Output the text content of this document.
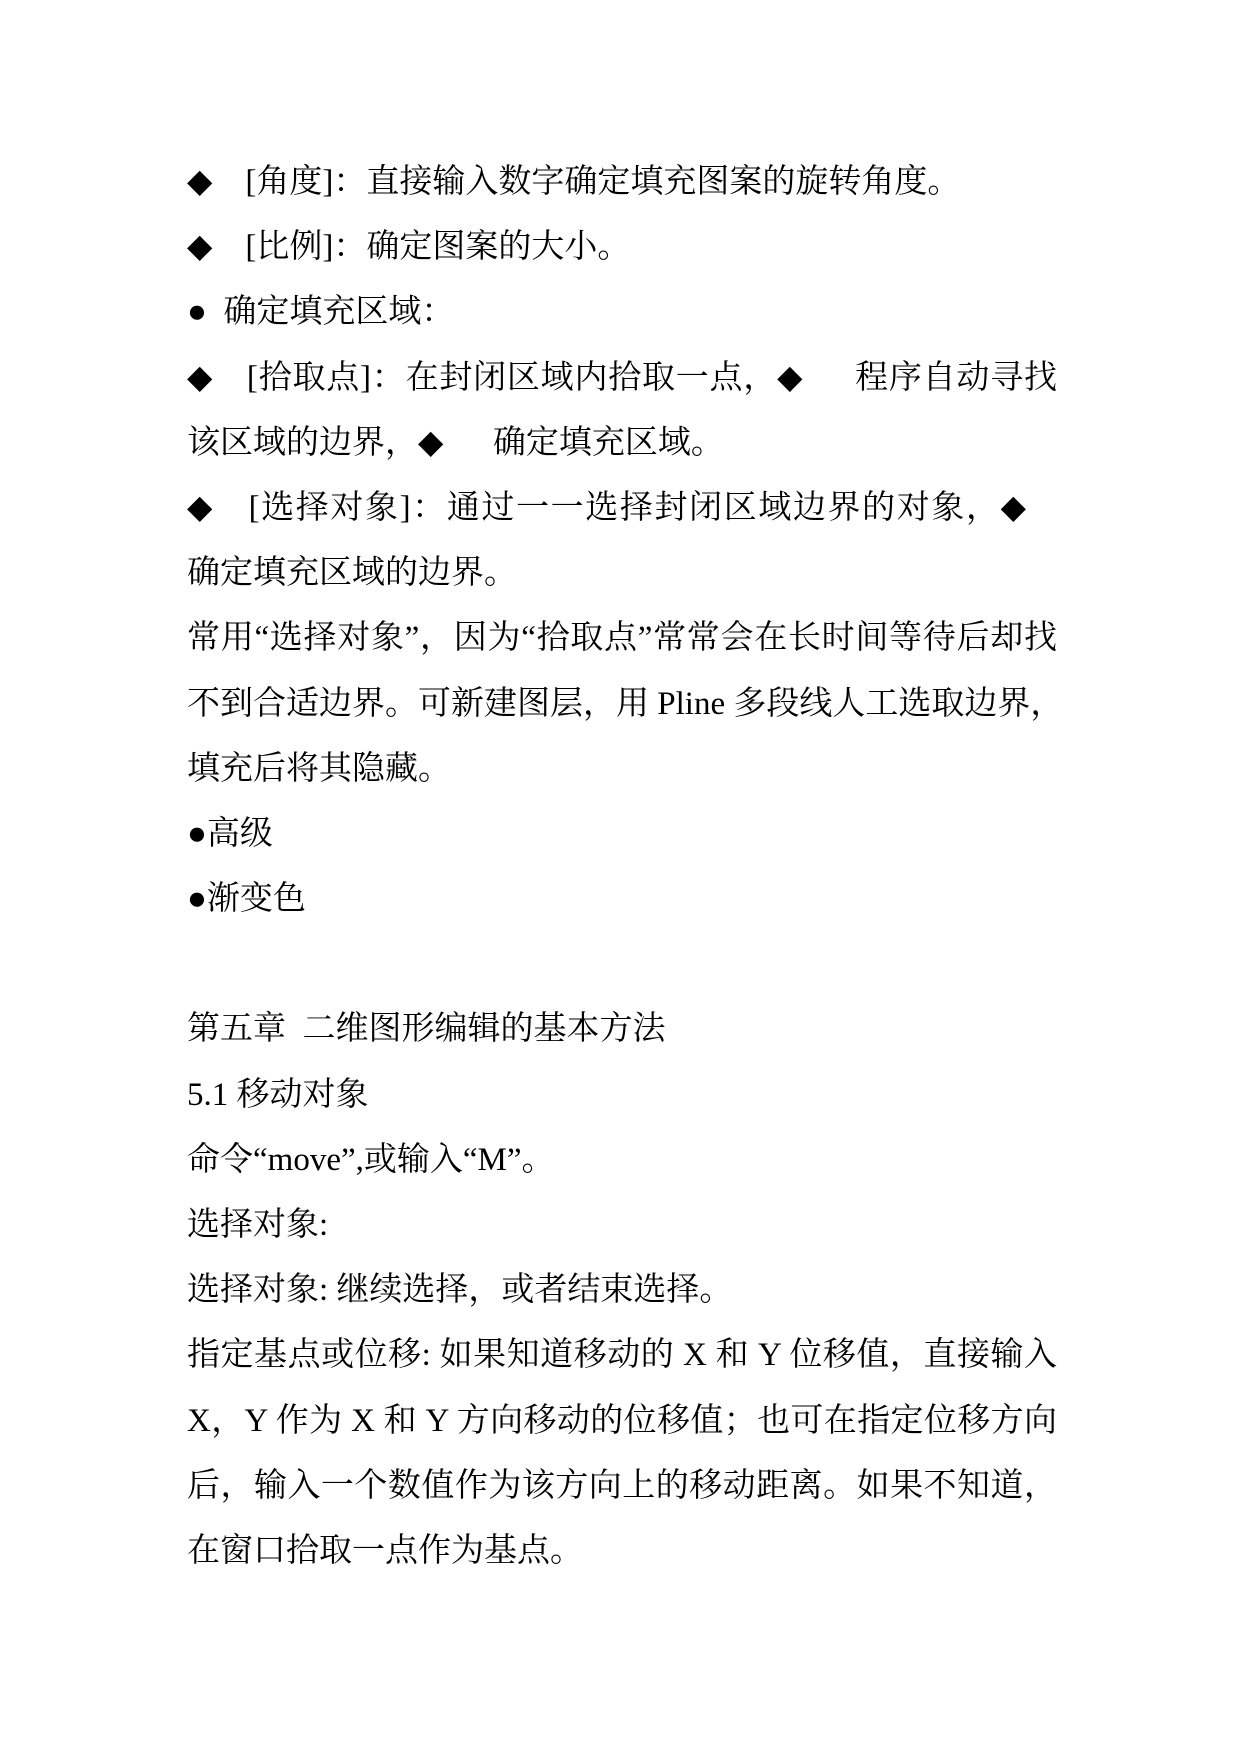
◆　[角度]：直接输入数字确定填充图案的旋转角度。
◆　[比例]：确定图案的大小。
●  确定填充区域：
◆　[拾取点]：在封闭区域内拾取一点，◆ 　 程序自动寻找
该区域的边界，◆ 　 确定填充区域。
◆　[选择对象]：通过一一选择封闭区域边界的对象，◆
确定填充区域的边界。
常用“选择对象”，因为“拾取点”常常会在长时间等待后却找
不到合适边界。可新建图层，用 Pline 多段线人工选取边界，
填充后将其隐藏。
●高级
●渐变色
第五章  二维图形编辑的基本方法
5.1 移动对象
命令“move”,或输入“M”。
选择对象:
选择对象: 继续选择，或者结束选择。
指定基点或位移: 如果知道移动的 X 和 Y 位移值，直接输入
X，Y 作为 X 和 Y 方向移动的位移值；也可在指定位移方向
后，输入一个数值作为该方向上的移动距离。如果不知道，
在窗口拾取一点作为基点。
